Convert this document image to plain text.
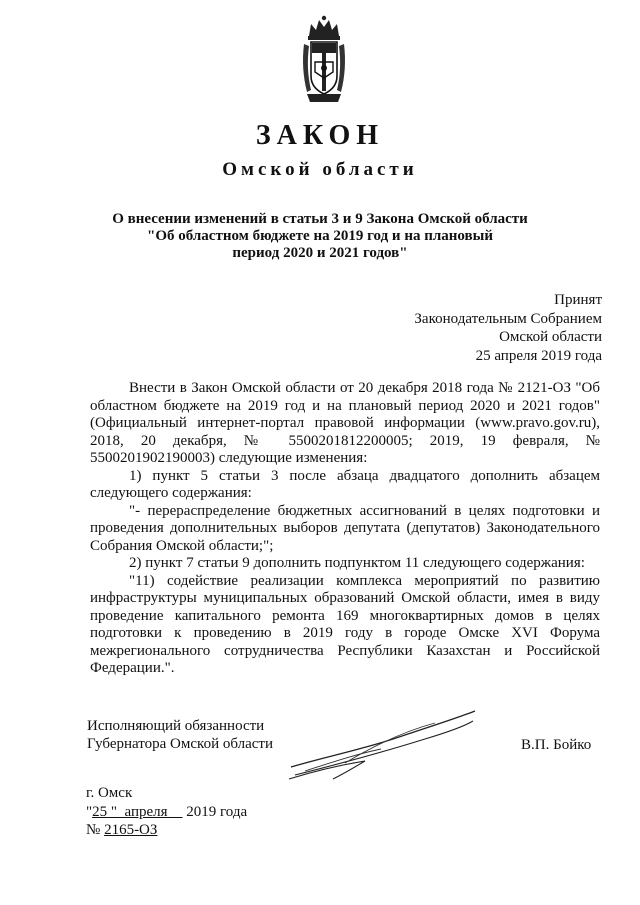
ЗАКОН
Омской области
О внесении изменений в статьи 3 и 9 Закона Омской области
"Об областном бюджете на 2019 год и на плановый
период 2020 и 2021 годов"
Принят
Законодательным Собранием
Омской области
25 апреля 2019 года

Внести в Закон Омской области от 20 декабря 2018 года № 2121-ОЗ "Об областном бюджете на 2019 год и на плановый период 2020 и 2021 годов" (Официальный интернет-портал правовой информации (www.pravo.gov.ru), 2018, 20 декабря, № 5500201812200005; 2019, 19 февраля, № 5500201902190003) следующие изменения:

1) пункт 5 статьи 3 после абзаца двадцатого дополнить абзацем следующего содержания:

"- перераспределение бюджетных ассигнований в целях подготовки и проведения дополнительных выборов депутата (депутатов) Законодательного Собрания Омской области;";

2) пункт 7 статьи 9 дополнить подпунктом 11 следующего содержания:

"11) содействие реализации комплекса мероприятий по развитию инфраструктуры муниципальных образований Омской области, имея в виду проведение капитального ремонта 169 многоквартирных домов в целях подготовки к проведению в 2019 году в городе Омске XVI Форума межрегионального сотрудничества Республики Казахстан и Российской Федерации.".

Исполняющий обязанности
Губернатора Омской области	В.П. Бойко
г. Омск
"25 "  апреля 2019 года
№ 2165-ОЗ
